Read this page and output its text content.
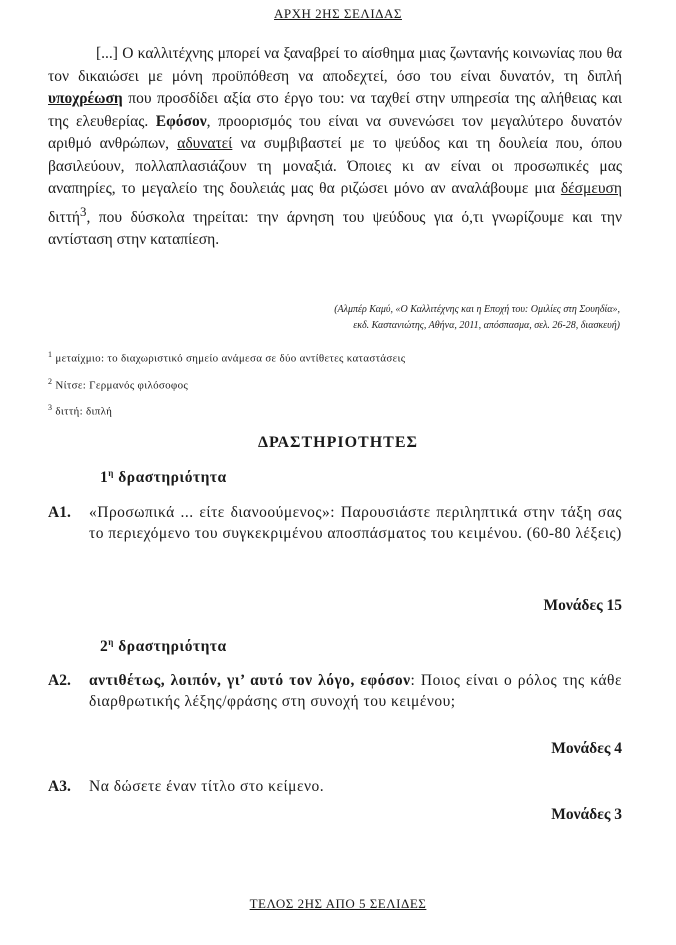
ΑΡΧΗ 2ΗΣ ΣΕΛΙΔΑΣ

[...] Ο καλλιτέχνης μπορεί να ξαναβρεί το αίσθημα μιας ζωντανής κοινωνίας που θα τον δικαιώσει με μόνη προϋπόθεση να αποδεχτεί, όσο του είναι δυνατόν, τη διπλή υποχρέωση που προσδίδει αξία στο έργο του: να ταχθεί στην υπηρεσία της αλήθειας και της ελευθερίας. Εφόσον, προορισμός του είναι να συνενώσει τον μεγαλύτερο δυνατόν αριθμό ανθρώπων, αδυνατεί να συμβιβαστεί με το ψεύδος και τη δουλεία που, όπου βασιλεύουν, πολλαπλασιάζουν τη μοναξιά. Όποιες κι αν είναι οι προσωπικές μας αναπηρίες, το μεγαλείο της δουλειάς μας θα ριζώσει μόνο αν αναλάβουμε μια δέσμευση διττή$^3$, που δύσκολα τηρείται: την άρνηση του ψεύδους για ό,τι γνωρίζουμε και την αντίσταση στην καταπίεση.

(Αλμπέρ Καμύ, «Ο Καλλιτέχνης και η Εποχή του: Ομιλίες στη Σουηδία»,
εκδ. Καστανιώτης, Αθήνα, 2011, απόσπασμα, σελ. 26-28, διασκευή)

$^1$ μεταίχμιο: το διαχωριστικό σημείο ανάμεσα σε δύο αντίθετες καταστάσεις

$^2$ Νίτσε: Γερμανός φιλόσοφος

$^3$ διττή: διπλή

ΔΡΑΣΤΗΡΙΟΤΗΤΕΣ
$1^\eta$ δραστηριότητα
Α1. «Προσωπικά ... είτε διανοούμενος»: Παρουσιάστε περιληπτικά στην τάξη σας το περιεχόμενο του συγκεκριμένου αποσπάσματος του κειμένου. (60-80 λέξεις)
Μονάδες 15
$2^\eta$ δραστηριότητα
Α2. αντιθέτως, λοιπόν, γι’ αυτό τον λόγο, εφόσον: Ποιος είναι ο ρόλος της κάθε διαρθρωτικής λέξης/φράσης στη συνοχή του κειμένου;
Μονάδες 4
Α3. Να δώσετε έναν τίτλο στο κείμενο.
Μονάδες 3
ΤΕΛΟΣ 2ΗΣ ΑΠΟ 5 ΣΕΛΙΔΕΣ
